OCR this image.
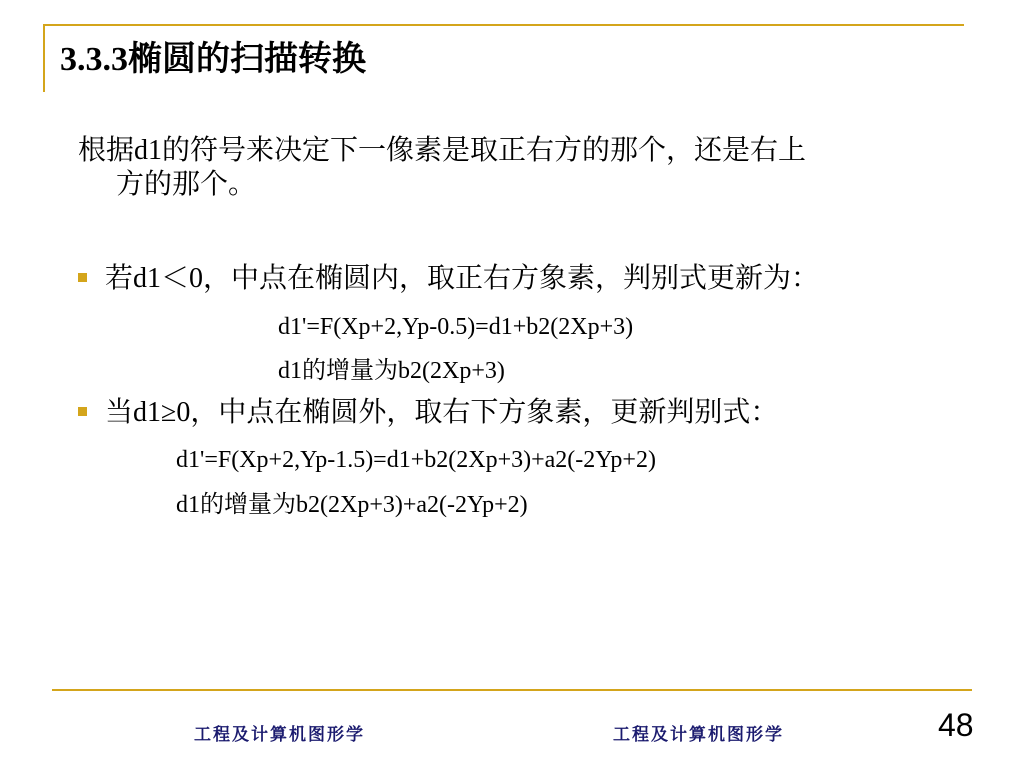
3.3.3椭圆的扫描转换
根据d1的符号来决定下一像素是取正右方的那个，还是右上
方的那个。
若d1＜0，中点在椭圆内，取正右方象素，判别式更新为：
d1'=F(Xp+2,Yp-0.5)=d1+b2(2Xp+3)
d1的增量为b2(2Xp+3)
当d1≥0，中点在椭圆外，取右下方象素，更新判别式：
d1'=F(Xp+2,Yp-1.5)=d1+b2(2Xp+3)+a2(-2Yp+2)
d1的增量为b2(2Xp+3)+a2(-2Yp+2)
工程及计算机图形学	工程及计算机图形学	48
